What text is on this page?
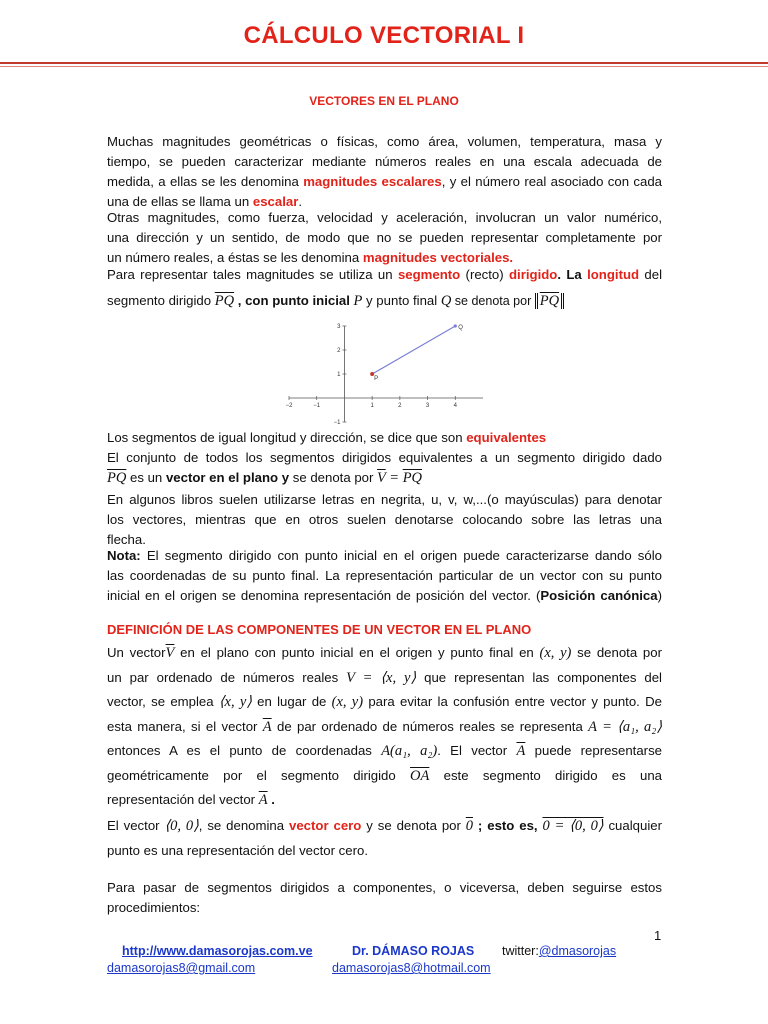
CÁLCULO VECTORIAL I
VECTORES EN EL PLANO
Muchas magnitudes geométricas o físicas, como área, volumen, temperatura, masa y
tiempo, se pueden caracterizar mediante números reales en una escala adecuada de
medida, a ellas se les denomina magnitudes escalares, y el número real asociado con cada
una de ellas se llama un escalar.
Otras magnitudes, como fuerza, velocidad y aceleración, involucran un valor numérico,
una dirección y un sentido, de modo que no se pueden representar completamente por
un número reales, a éstas se les denomina magnitudes vectoriales.
Para representar tales magnitudes se utiliza un segmento (recto) dirigido. La longitud del
segmento dirigido $\overline{PQ}$ , con punto inicial P y punto final Q se denota por $\overline{PQ}$
−2	−1	1	2	3	4
−1
1
2
3
P
Q
Los segmentos de igual longitud y dirección, se dice que son equivalentes
El conjunto de todos los segmentos dirigidos equivalentes a un segmento dirigido dado
$\overline{PQ}$ es un vector en el plano y se denota por $\overline{V} = \overline{PQ}$
En algunos libros suelen utilizarse letras en negrita, u, v, w,...(o mayúsculas) para denotar
los vectores, mientras que en otros suelen denotarse colocando sobre las letras una
flecha.
Nota: El segmento dirigido con punto inicial en el origen puede caracterizarse dando sólo
las coordenadas de su punto final. La representación particular de un vector con su punto
inicial en el origen se denomina representación de posición del vector. (Posición canónica)
DEFINICIÓN DE LAS COMPONENTES DE UN VECTOR EN EL PLANO
Un $vector\overline{V}$ en el plano con punto inicial en el origen y punto final en (x, y) se denota por
un par ordenado de números reales V = ⟨x, y⟩ que representan las componentes del
vector, se emplea ⟨x, y⟩ en lugar de (x, y) para evitar la confusión entre vector y punto. De
esta manera, si el vector $\overline{A}$ de par ordenado de números reales se representa A = ⟨a₁, a₂⟩
entonces A es el punto de coordenadas A(a₁, a₂). El vector $\overline{A}$ puede representarse
geométricamente por el segmento dirigido $\overline{OA}$ este segmento dirigido es una
representación del vector $\overline{A}$ .
El vector ⟨0, 0⟩, se denomina vector cero y se denota por 0 ; esto es, 0 = ⟨0, 0⟩ cualquier
punto es una representación del vector cero.
Para pasar de segmentos dirigidos a componentes, o viceversa, deben seguirse estos
procedimientos:
1
http://www.damasorojas.com.ve	Dr. DÁMASO ROJAS twitter:@dmasorojas
damasorojas8@gmail.com	damasorojas8@hotmail.com
